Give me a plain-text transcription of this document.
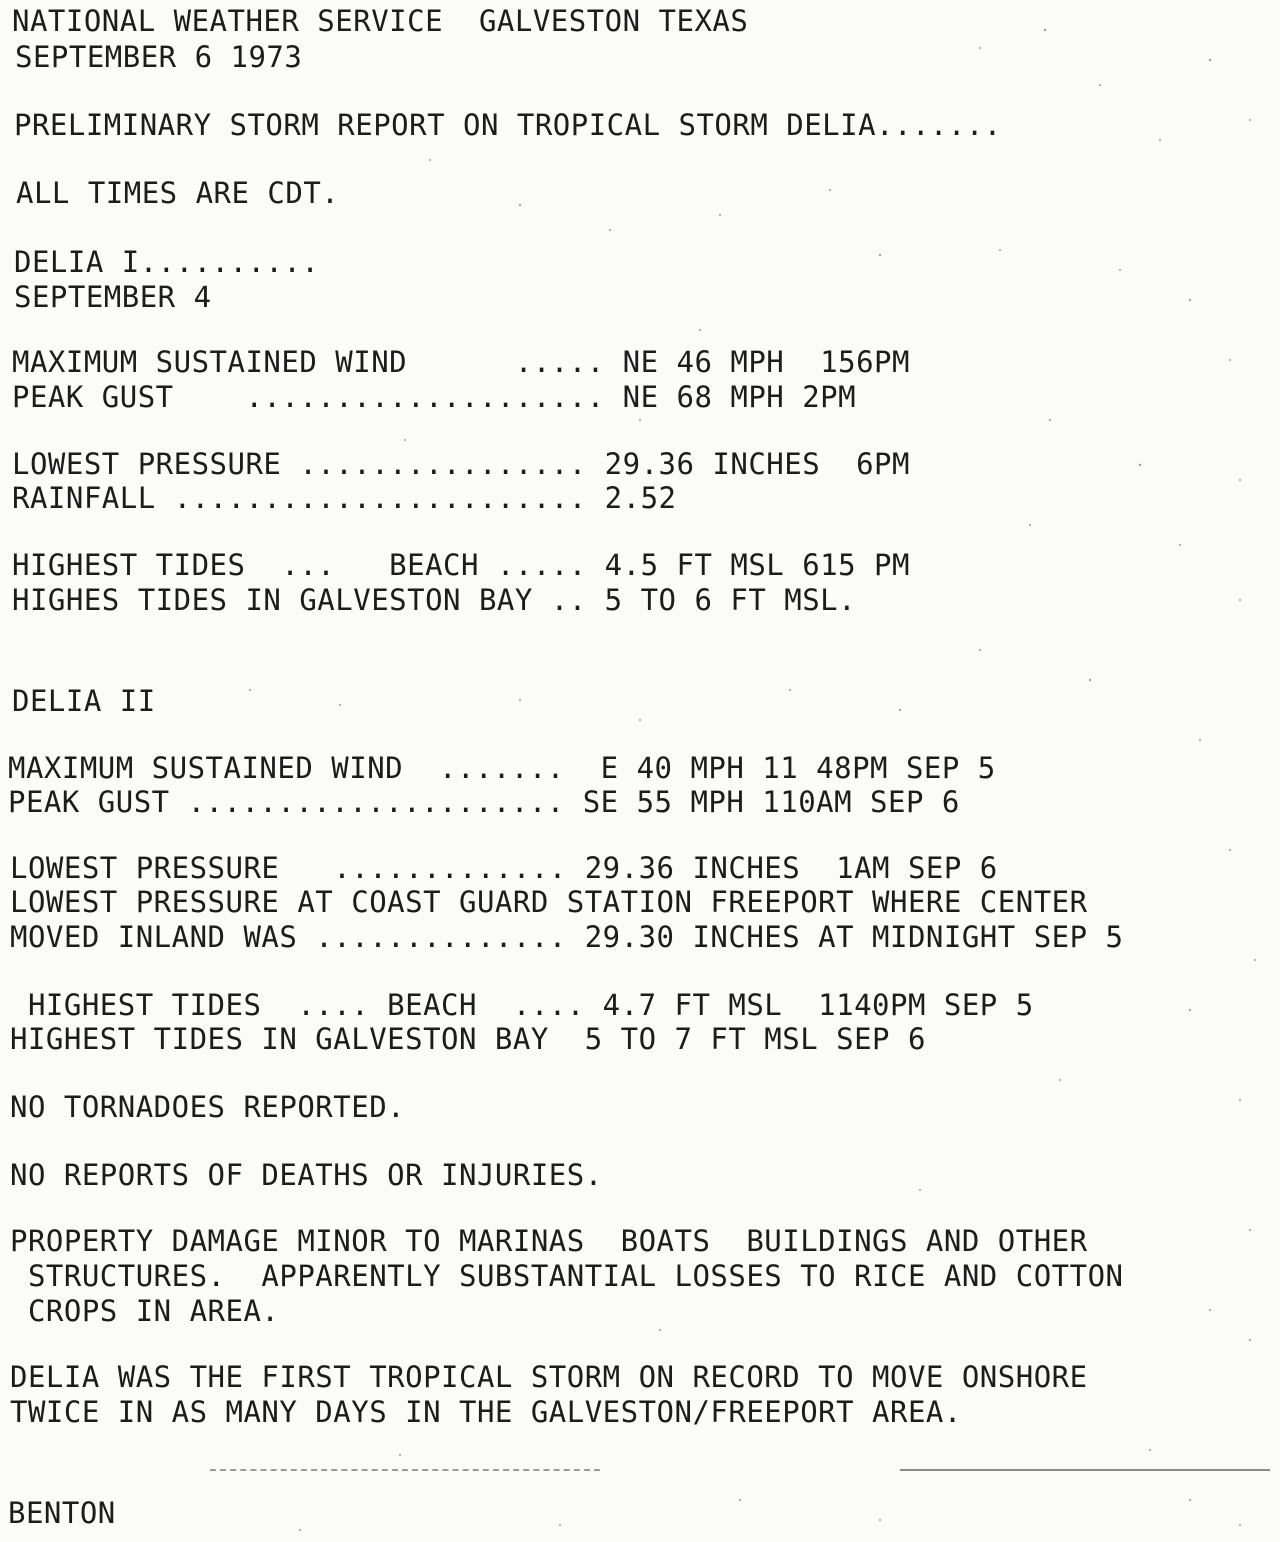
NATIONAL WEATHER SERVICE  GALVESTON TEXAS
SEPTEMBER 6 1973
PRELIMINARY STORM REPORT ON TROPICAL STORM DELIA.......
ALL TIMES ARE CDT.
DELIA I..........
SEPTEMBER 4
MAXIMUM SUSTAINED WIND      ..... NE 46 MPH  156PM
PEAK GUST    .................... NE 68 MPH 2PM
LOWEST PRESSURE ................ 29.36 INCHES  6PM
RAINFALL ....................... 2.52
HIGHEST TIDES  ...   BEACH ..... 4.5 FT MSL 615 PM
HIGHES TIDES IN GALVESTON BAY .. 5 TO 6 FT MSL.
DELIA II
MAXIMUM SUSTAINED WIND  .......  E 40 MPH 11 48PM SEP 5
PEAK GUST ..................... SE 55 MPH 110AM SEP 6
LOWEST PRESSURE   ............. 29.36 INCHES  1AM SEP 6
LOWEST PRESSURE AT COAST GUARD STATION FREEPORT WHERE CENTER
MOVED INLAND WAS .............. 29.30 INCHES AT MIDNIGHT SEP 5
HIGHEST TIDES  .... BEACH  .... 4.7 FT MSL  1140PM SEP 5
HIGHEST TIDES IN GALVESTON BAY  5 TO 7 FT MSL SEP 6
NO TORNADOES REPORTED.
NO REPORTS OF DEATHS OR INJURIES.
PROPERTY DAMAGE MINOR TO MARINAS  BOATS  BUILDINGS AND OTHER
STRUCTURES.  APPARENTLY SUBSTANTIAL LOSSES TO RICE AND COTTON
CROPS IN AREA.
DELIA WAS THE FIRST TROPICAL STORM ON RECORD TO MOVE ONSHORE
TWICE IN AS MANY DAYS IN THE GALVESTON/FREEPORT AREA.
BENTON
